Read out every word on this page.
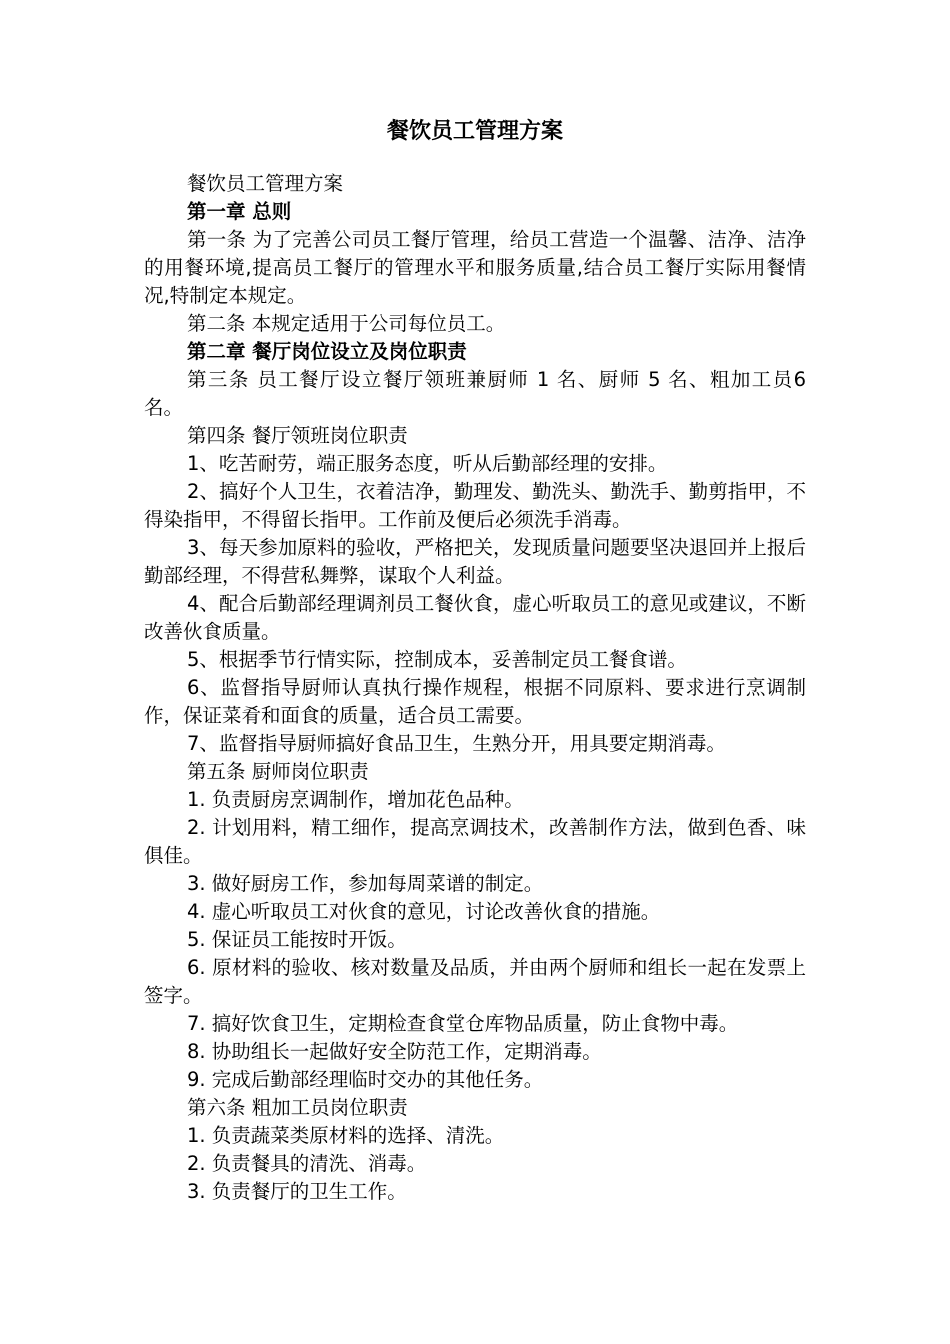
餐饮员工管理方案

餐饮员工管理方案

第一章 总则

第一条 为了完善公司员工餐厅管理，给员工营造一个温馨、洁净、洁净的用餐环境,提高员工餐厅的管理水平和服务质量,结合员工餐厅实际用餐情况,特制定本规定。

第二条 本规定适用于公司每位员工。

第二章 餐厅岗位设立及岗位职责

第三条 员工餐厅设立餐厅领班兼厨师 1 名、厨师 5 名、粗加工员6 名。

第四条 餐厅领班岗位职责

1、吃苦耐劳，端正服务态度，听从后勤部经理的安排。

2、搞好个人卫生，衣着洁净，勤理发、勤洗头、勤洗手、勤剪指甲，不得染指甲，不得留长指甲。工作前及便后必须洗手消毒。

3、每天参加原料的验收，严格把关，发现质量问题要坚决退回并上报后勤部经理，不得营私舞弊，谋取个人利益。

4、配合后勤部经理调剂员工餐伙食，虚心听取员工的意见或建议，不断改善伙食质量。

5、根据季节行情实际，控制成本，妥善制定员工餐食谱。

6、监督指导厨师认真执行操作规程，根据不同原料、要求进行烹调制作，保证菜肴和面食的质量，适合员工需要。

7、监督指导厨师搞好食品卫生，生熟分开，用具要定期消毒。

第五条 厨师岗位职责

1. 负责厨房烹调制作，增加花色品种。

2. 计划用料，精工细作，提高烹调技术，改善制作方法，做到色香、味俱佳。

3. 做好厨房工作，参加每周菜谱的制定。

4. 虚心听取员工对伙食的意见，讨论改善伙食的措施。

5. 保证员工能按时开饭。

6. 原材料的验收、核对数量及品质，并由两个厨师和组长一起在发票上签字。

7. 搞好饮食卫生，定期检查食堂仓库物品质量，防止食物中毒。

8. 协助组长一起做好安全防范工作，定期消毒。

9. 完成后勤部经理临时交办的其他任务。

第六条 粗加工员岗位职责

1. 负责蔬菜类原材料的选择、清洗。

2. 负责餐具的清洗、消毒。

3. 负责餐厅的卫生工作。
